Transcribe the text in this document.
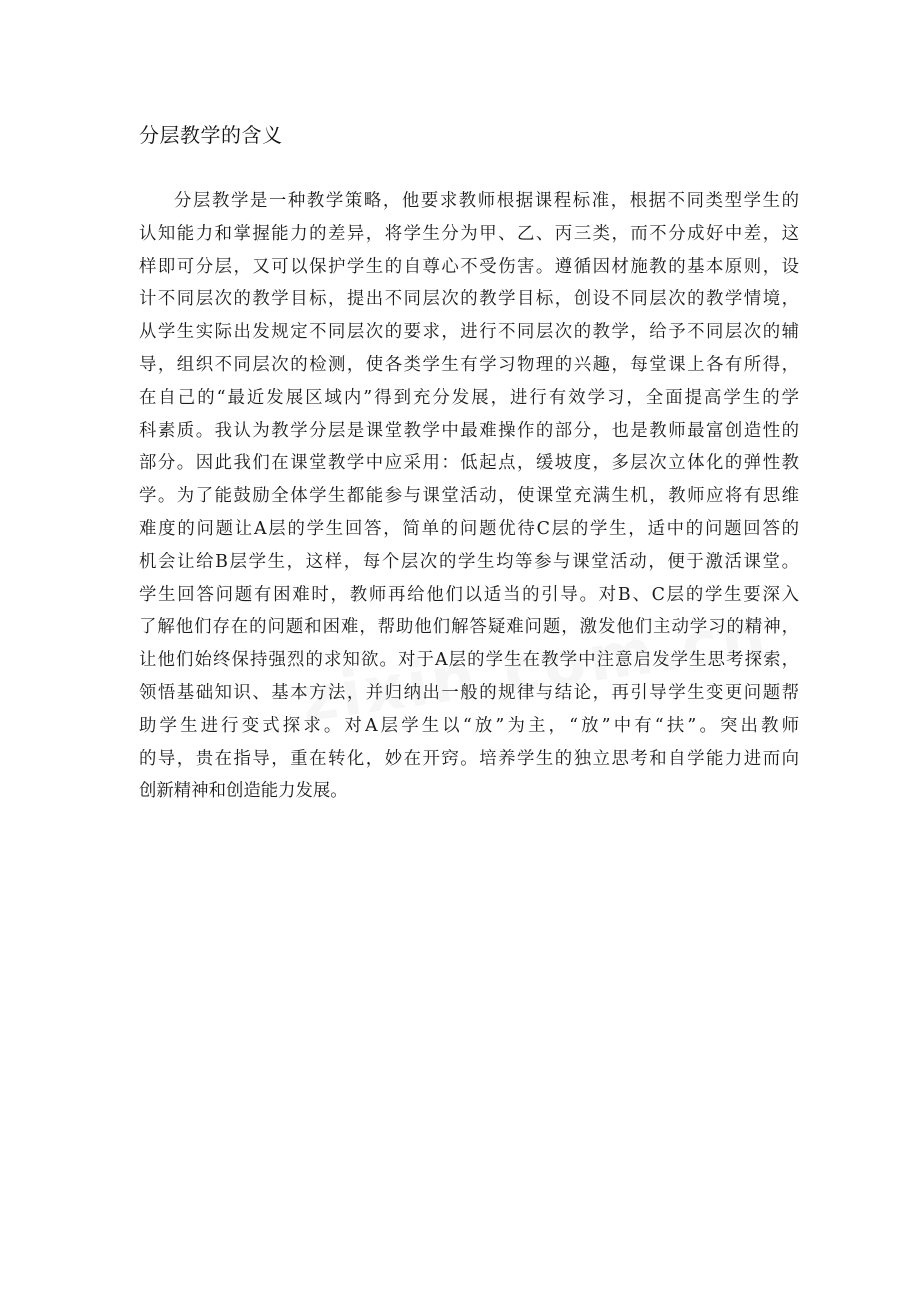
分层教学的含义
分层教学是一种教学策略，他要求教师根据课程标准，根据不同类型学生的
认知能力和掌握能力的差异，将学生分为甲、乙、丙三类，而不分成好中差，这
样即可分层，又可以保护学生的自尊心不受伤害。遵循因材施教的基本原则，设
计不同层次的教学目标，提出不同层次的教学目标，创设不同层次的教学情境，
从学生实际出发规定不同层次的要求，进行不同层次的教学，给予不同层次的辅
导，组织不同层次的检测，使各类学生有学习物理的兴趣，每堂课上各有所得，
在自己的“最近发展区域内”得到充分发展，进行有效学习，全面提高学生的学
科素质。我认为教学分层是课堂教学中最难操作的部分，也是教师最富创造性的
部分。因此我们在课堂教学中应采用：低起点，缓坡度，多层次立体化的弹性教
学。为了能鼓励全体学生都能参与课堂活动，使课堂充满生机，教师应将有思维
难度的问题让A层的学生回答，简单的问题优待C层的学生，适中的问题回答的
机会让给B层学生，这样，每个层次的学生均等参与课堂活动，便于激活课堂。
学生回答问题有困难时，教师再给他们以适当的引导。对B、C层的学生要深入
了解他们存在的问题和困难，帮助他们解答疑难问题，激发他们主动学习的精神，
让他们始终保持强烈的求知欲。对于A层的学生在教学中注意启发学生思考探索，
领悟基础知识、基本方法，并归纳出一般的规律与结论，再引导学生变更问题帮
助学生进行变式探求。对A层学生以“放”为主，“放”中有“扶”。突出教师
的导，贵在指导，重在转化，妙在开窍。培养学生的独立思考和自学能力进而向
创新精神和创造能力发展。
